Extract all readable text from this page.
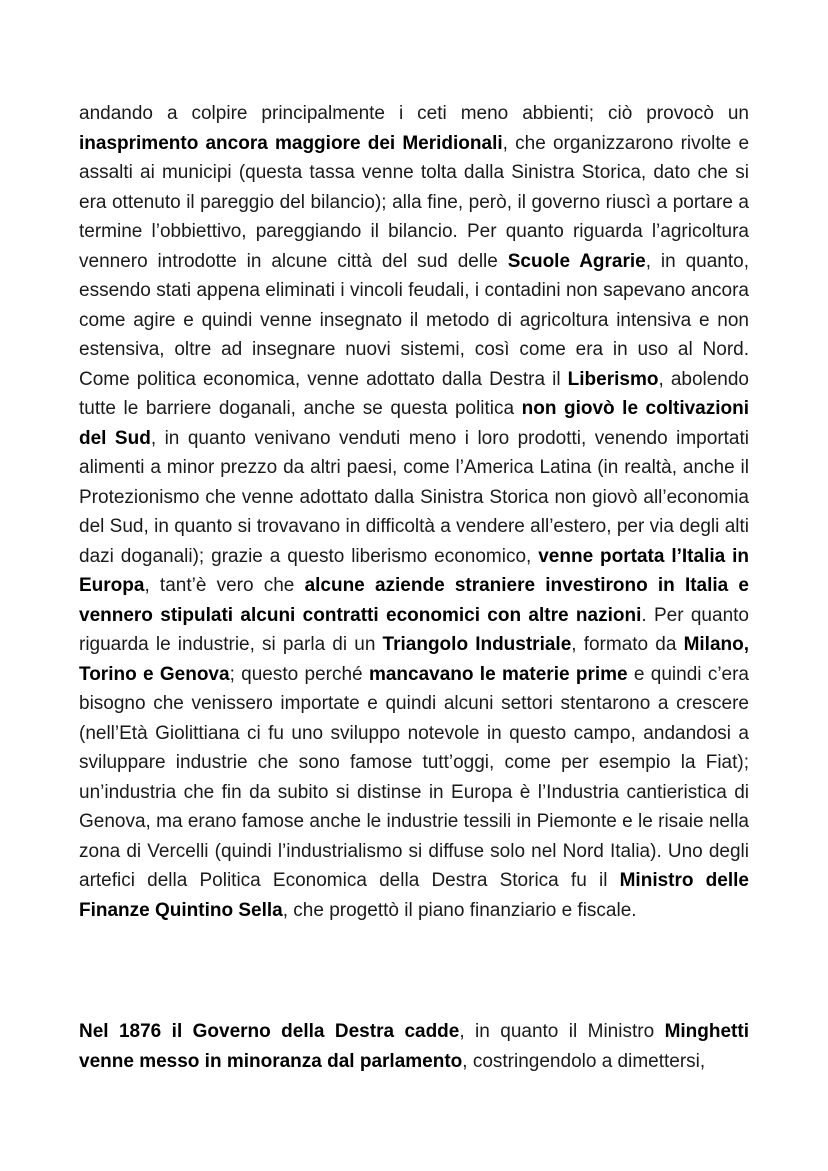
andando a colpire principalmente i ceti meno abbienti; ciò provocò un inasprimento ancora maggiore dei Meridionali, che organizzarono rivolte e assalti ai municipi (questa tassa venne tolta dalla Sinistra Storica, dato che si era ottenuto il pareggio del bilancio); alla fine, però, il governo riuscì a portare a termine l’obbiettivo, pareggiando il bilancio. Per quanto riguarda l’agricoltura vennero introdotte in alcune città del sud delle Scuole Agrarie, in quanto, essendo stati appena eliminati i vincoli feudali, i contadini non sapevano ancora come agire e quindi venne insegnato il metodo di agricoltura intensiva e non estensiva, oltre ad insegnare nuovi sistemi, così come era in uso al Nord. Come politica economica, venne adottato dalla Destra il Liberismo, abolendo tutte le barriere doganali, anche se questa politica non giovò le coltivazioni del Sud, in quanto venivano venduti meno i loro prodotti, venendo importati alimenti a minor prezzo da altri paesi, come l’America Latina (in realtà, anche il Protezionismo che venne adottato dalla Sinistra Storica non giovò all’economia del Sud, in quanto si trovavano in difficoltà a vendere all’estero, per via degli alti dazi doganali); grazie a questo liberismo economico, venne portata l’Italia in Europa, tant’è vero che alcune aziende straniere investirono in Italia e vennero stipulati alcuni contratti economici con altre nazioni. Per quanto riguarda le industrie, si parla di un Triangolo Industriale, formato da Milano, Torino e Genova; questo perché mancavano le materie prime e quindi c’era bisogno che venissero importate e quindi alcuni settori stentarono a crescere (nell’Età Giolittiana ci fu uno sviluppo notevole in questo campo, andandosi a sviluppare industrie che sono famose tutt’oggi, come per esempio la Fiat); un’industria che fin da subito si distinse in Europa è l’Industria cantieristica di Genova, ma erano famose anche le industrie tessili in Piemonte e le risaie nella zona di Vercelli (quindi l’industrialismo si diffuse solo nel Nord Italia). Uno degli artefici della Politica Economica della Destra Storica fu il Ministro delle Finanze Quintino Sella, che progettò il piano finanziario e fiscale.

Nel 1876 il Governo della Destra cadde, in quanto il Ministro Minghetti venne messo in minoranza dal parlamento, costringendolo a dimettersi,
